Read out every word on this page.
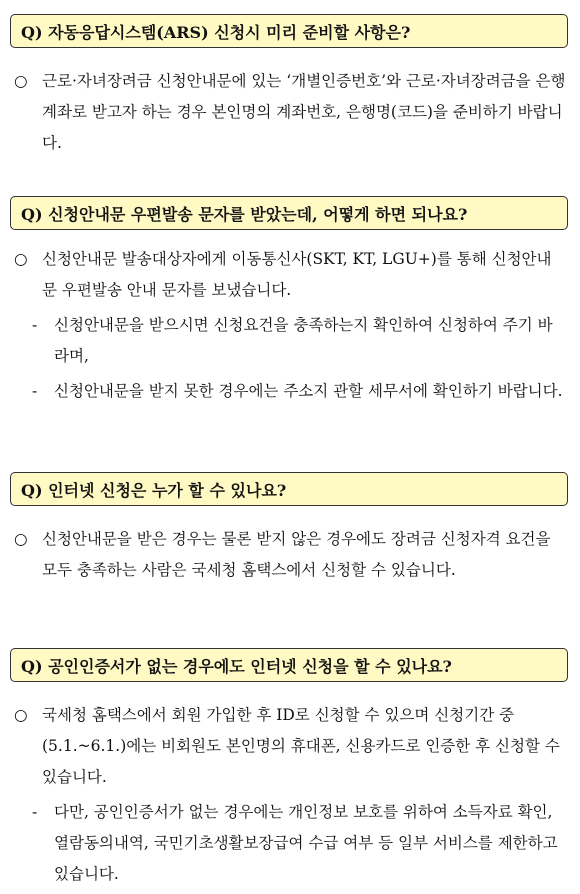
Q) 자동응답시스템(ARS) 신청시 미리 준비할 사항은?
○ 근로·자녀장려금 신청안내문에 있는 ‘개별인증번호’와 근로·자녀장려금을 은행계좌로 받고자 하는 경우 본인명의 계좌번호, 은행명(코드)을 준비하기 바랍니다.
Q) 신청안내문 우편발송 문자를 받았는데, 어떻게 하면 되나요?
○ 신청안내문 발송대상자에게 이동통신사(SKT, KT, LGU+)를 통해 신청안내문 우편발송 안내 문자를 보냈습니다.
- 신청안내문을 받으시면 신청요건을 충족하는지 확인하여 신청하여 주기 바라며,
- 신청안내문을 받지 못한 경우에는 주소지 관할 세무서에 확인하기 바랍니다.
Q) 인터넷 신청은 누가 할 수 있나요?
○ 신청안내문을 받은 경우는 물론 받지 않은 경우에도 장려금 신청자격 요건을 모두 충족하는 사람은 국세청 홈택스에서 신청할 수 있습니다.
Q) 공인인증서가 없는 경우에도 인터넷 신청을 할 수 있나요?
○ 국세청 홈택스에서 회원 가입한 후 ID로 신청할 수 있으며 신청기간 중(5.1.~6.1.)에는 비회원도 본인명의 휴대폰, 신용카드로 인증한 후 신청할 수 있습니다.
- 다만, 공인인증서가 없는 경우에는 개인정보 보호를 위하여 소득자료 확인, 열람동의내역, 국민기초생활보장급여 수급 여부 등 일부 서비스를 제한하고 있습니다.
